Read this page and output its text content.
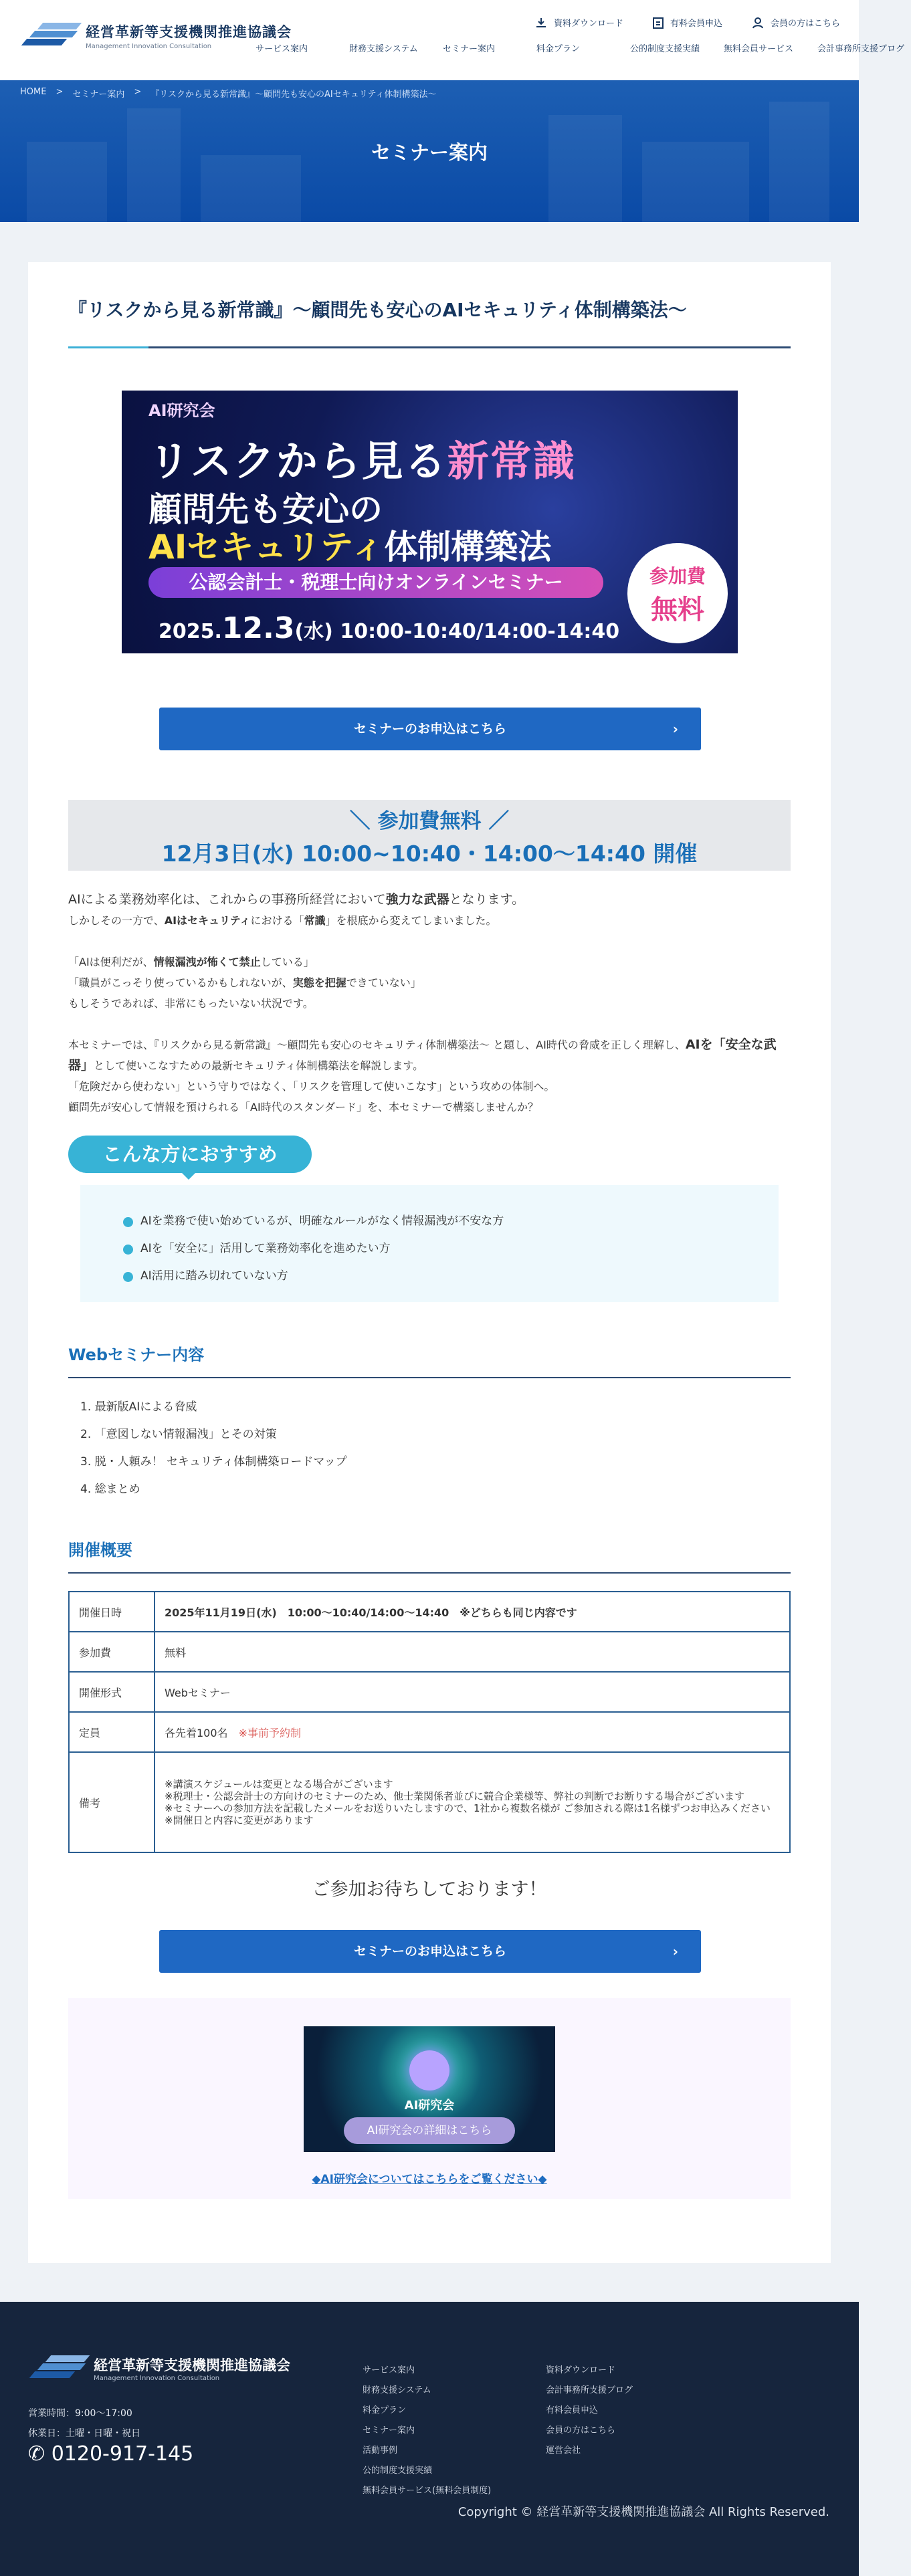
経営革新等支援機関推進協議会
Management Innovation Consultation
資料ダウンロード	有料会員申込	会員の方はこちら
サービス案内	財務支援システム	セミナー案内	料金プラン	公的制度支援実績	無料会員サービス	会計事務所支援ブログ
HOME > セミナー案内 > 『リスクから見る新常識』〜顧問先も安心のAIセキュリティ体制構築法〜
セミナー案内
『リスクから見る新常識』〜顧問先も安心のAIセキュリティ体制構築法〜
AI研究会
リスクから見る新常識
顧問先も安心の
AIセキュリティ体制構築法
公認会計士・税理士向けオンラインセミナー
2025.12.3(水) 10:00-10:40/14:00-14:40
参加費
無料
セミナーのお申込はこちら	›
＼ 参加費無料 ／
12月3日(水) 10:00~10:40・14:00〜14:40 開催
AIによる業務効率化は、これからの事務所経営において強力な武器となります。
しかしその一方で、AIはセキュリティにおける「常識」を根底から変えてしまいました。
「AIは便利だが、情報漏洩が怖くて禁止している」
「職員がこっそり使っているかもしれないが、実態を把握できていない」
もしそうであれば、非常にもったいない状況です。
本セミナーでは、『リスクから見る新常識』〜顧問先も安心のセキュリティ体制構築法〜 と題し、AI時代の脅威を正しく理解し、AIを「安全な武器」として使いこなすための最新セキュリティ体制構築法を解説します。
「危険だから使わない」という守りではなく、「リスクを管理して使いこなす」という攻めの体制へ。
顧問先が安心して情報を預けられる「AI時代のスタンダード」を、本セミナーで構築しませんか？
こんな方におすすめ
AIを業務で使い始めているが、明確なルールがなく情報漏洩が不安な方
AIを「安全に」活用して業務効率化を進めたい方
AI活用に踏み切れていない方
Webセミナー内容
1. 最新版AIによる脅威
2. 「意図しない情報漏洩」とその対策
3. 脱・人頼み！ セキュリティ体制構築ロードマップ
4. 総まとめ
開催概要
開催日時	2025年11月19日(水)　10:00〜10:40/14:00〜14:40　※どちらも同じ内容です
参加費	無料
開催形式	Webセミナー
定員	各先着100名　 ※事前予約制
備考	※講演スケジュールは変更となる場合がございます
※税理士・公認会計士の方向けのセミナーのため、他士業関係者並びに競合企業様等、弊社の判断でお断りする場合がございます
※セミナーへの参加方法を記載したメールをお送りいたしますので、1社から複数名様が ご参加される際は1名様ずつお申込みください
※開催日と内容に変更があります
ご参加お待ちしております！
セミナーのお申込はこちら	›
AI研究会
AI研究会の詳細はこちら
◆AI研究会についてはこちらをご覧ください◆
経営革新等支援機関推進協議会
Management Innovation Consultation
営業時間：9:00〜17:00
休業日：土曜・日曜・祝日
✆ 0120-917-145
サービス案内
財務支援システム
料金プラン
セミナー案内
活動事例
公的制度支援実績
無料会員サービス(無料会員制度)
資料ダウンロード
会計事務所支援ブログ
有料会員申込
会員の方はこちら
運営会社
Copyright © 経営革新等支援機関推進協議会 All Rights Reserved.
